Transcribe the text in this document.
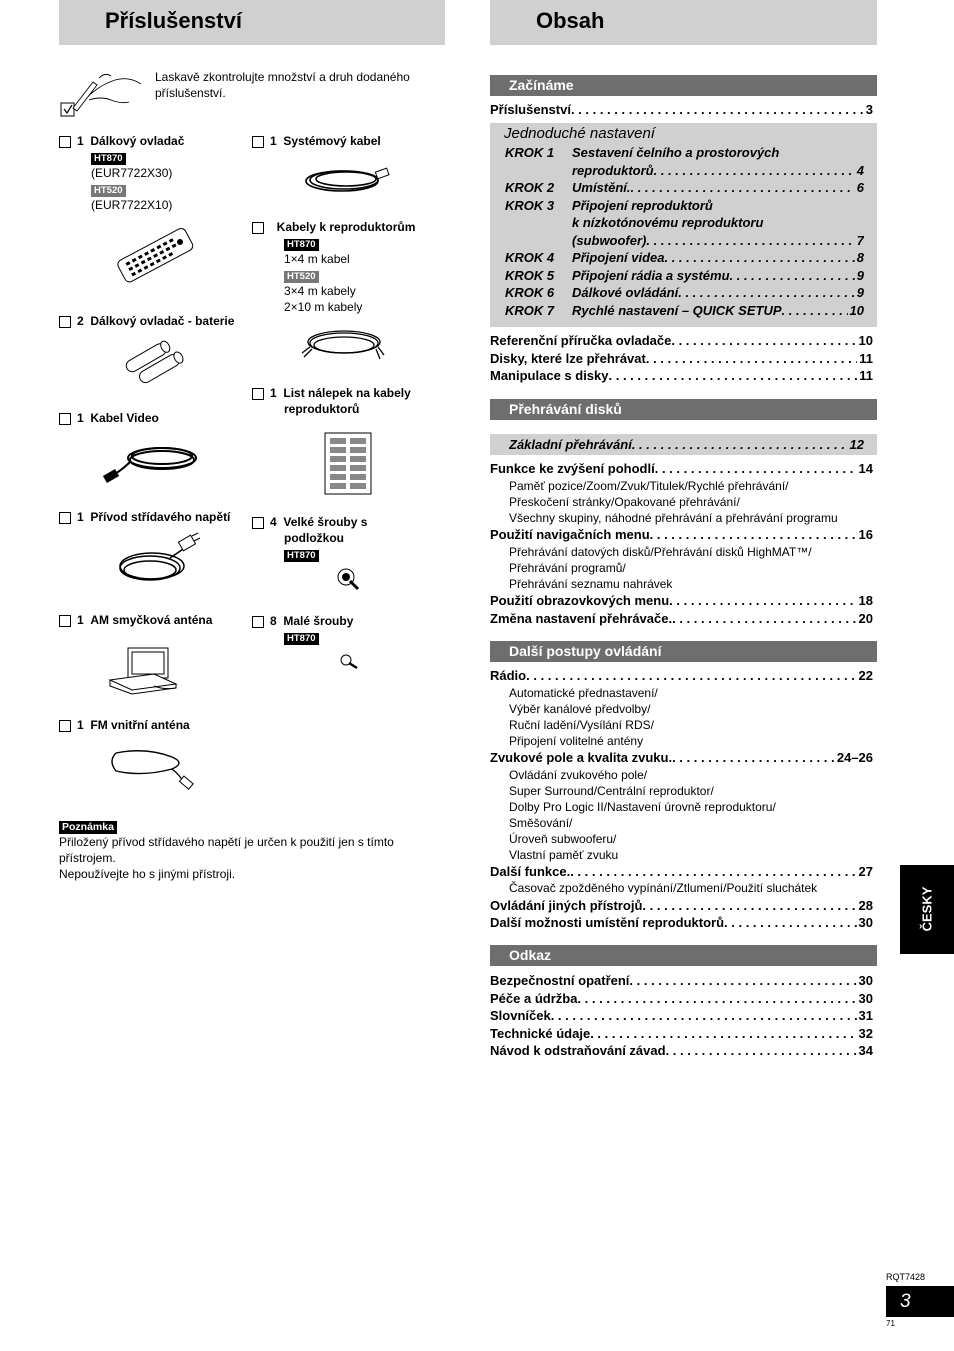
Příslušenství	Obsah
Laskavě zkontrolujte množství a druh dodaného příslušenství.
1 Dálkový ovladač
HT870
(EUR7722X30)
HT520
(EUR7722X10)
2 Dálkový ovladač - baterie
1 Kabel Video
1 Přívod střídavého napětí
1 AM smyčková anténa
1 FM vnitřní anténa
1 Systémový kabel
Kabely k reproduktorům
HT870
1×4 m kabel
HT520
3×4 m kabely
2×10 m kabely
1 List nálepek na kabely
reproduktorů
4 Velké šrouby s
podložkou
HT870
8 Malé šrouby
HT870
Poznámka
Přiložený přívod střídavého napětí je určen k použití jen s tímto
přístrojem.
Nepoužívejte ho s jinými přístroji.
Začínáme
Příslušenství . . .	3
Jednoduché nastavení
KROK 1 Sestavení čelního a prostorových
reproduktorů . . .	4
KROK 2 Umístění. . . .	6
KROK 3 Připojení reproduktorů
k nízkotónovému reproduktoru
(subwoofer) . . .	7
KROK 4 Připojení videa . . .	8
KROK 5 Připojení rádia a systému . . .	9
KROK 6 Dálkové ovládání . . .	9
KROK 7 Rychlé nastavení – QUICK SETUP . . .	10
Referenční příručka ovladače . . .	10
Disky, které lze přehrávat . . .	11
Manipulace s disky . . .	11
Přehrávání disků
Základní přehrávání . . .	12
Funkce ke zvýšení pohodlí . . .	14
Paměť pozice/Zoom/Zvuk/Titulek/Rychlé přehrávání/
Přeskočení stránky/Opakované přehrávání/
Všechny skupiny, náhodné přehrávání a přehrávání programu
Použití navigačních menu . . .	16
Přehrávání datových disků/Přehrávání disků HighMAT™/
Přehrávání programů/
Přehrávání seznamu nahrávek
Použití obrazovkových menu . . .	18
Změna nastavení přehrávače. . . .	20
Další postupy ovládání
Rádio . . .	22
Automatické přednastavení/
Výběr kanálové předvolby/
Ruční ladění/Vysílání RDS/
Připojení volitelné antény
Zvukové pole a kvalita zvuku. . . .	24–26
Ovládání zvukového pole/
Super Surround/Centrální reproduktor/
Dolby Pro Logic II/Nastavení úrovně reproduktoru/
Směšování/
Úroveň subwooferu/
Vlastní paměť zvuku
Další funkce. . . .	27
Časovač zpožděného vypínání/Ztlumení/Použití sluchátek
Ovládání jiných přístrojů . . .	28
Další možnosti umístění reproduktorů . . .	30
Odkaz
Bezpečnostní opatření . . .	30
Péče a údržba . . .	30
Slovníček . . .	31
Technické údaje . . .	32
Návod k odstraňování závad . . .	34
ČESKY
RQT7428
3
71
